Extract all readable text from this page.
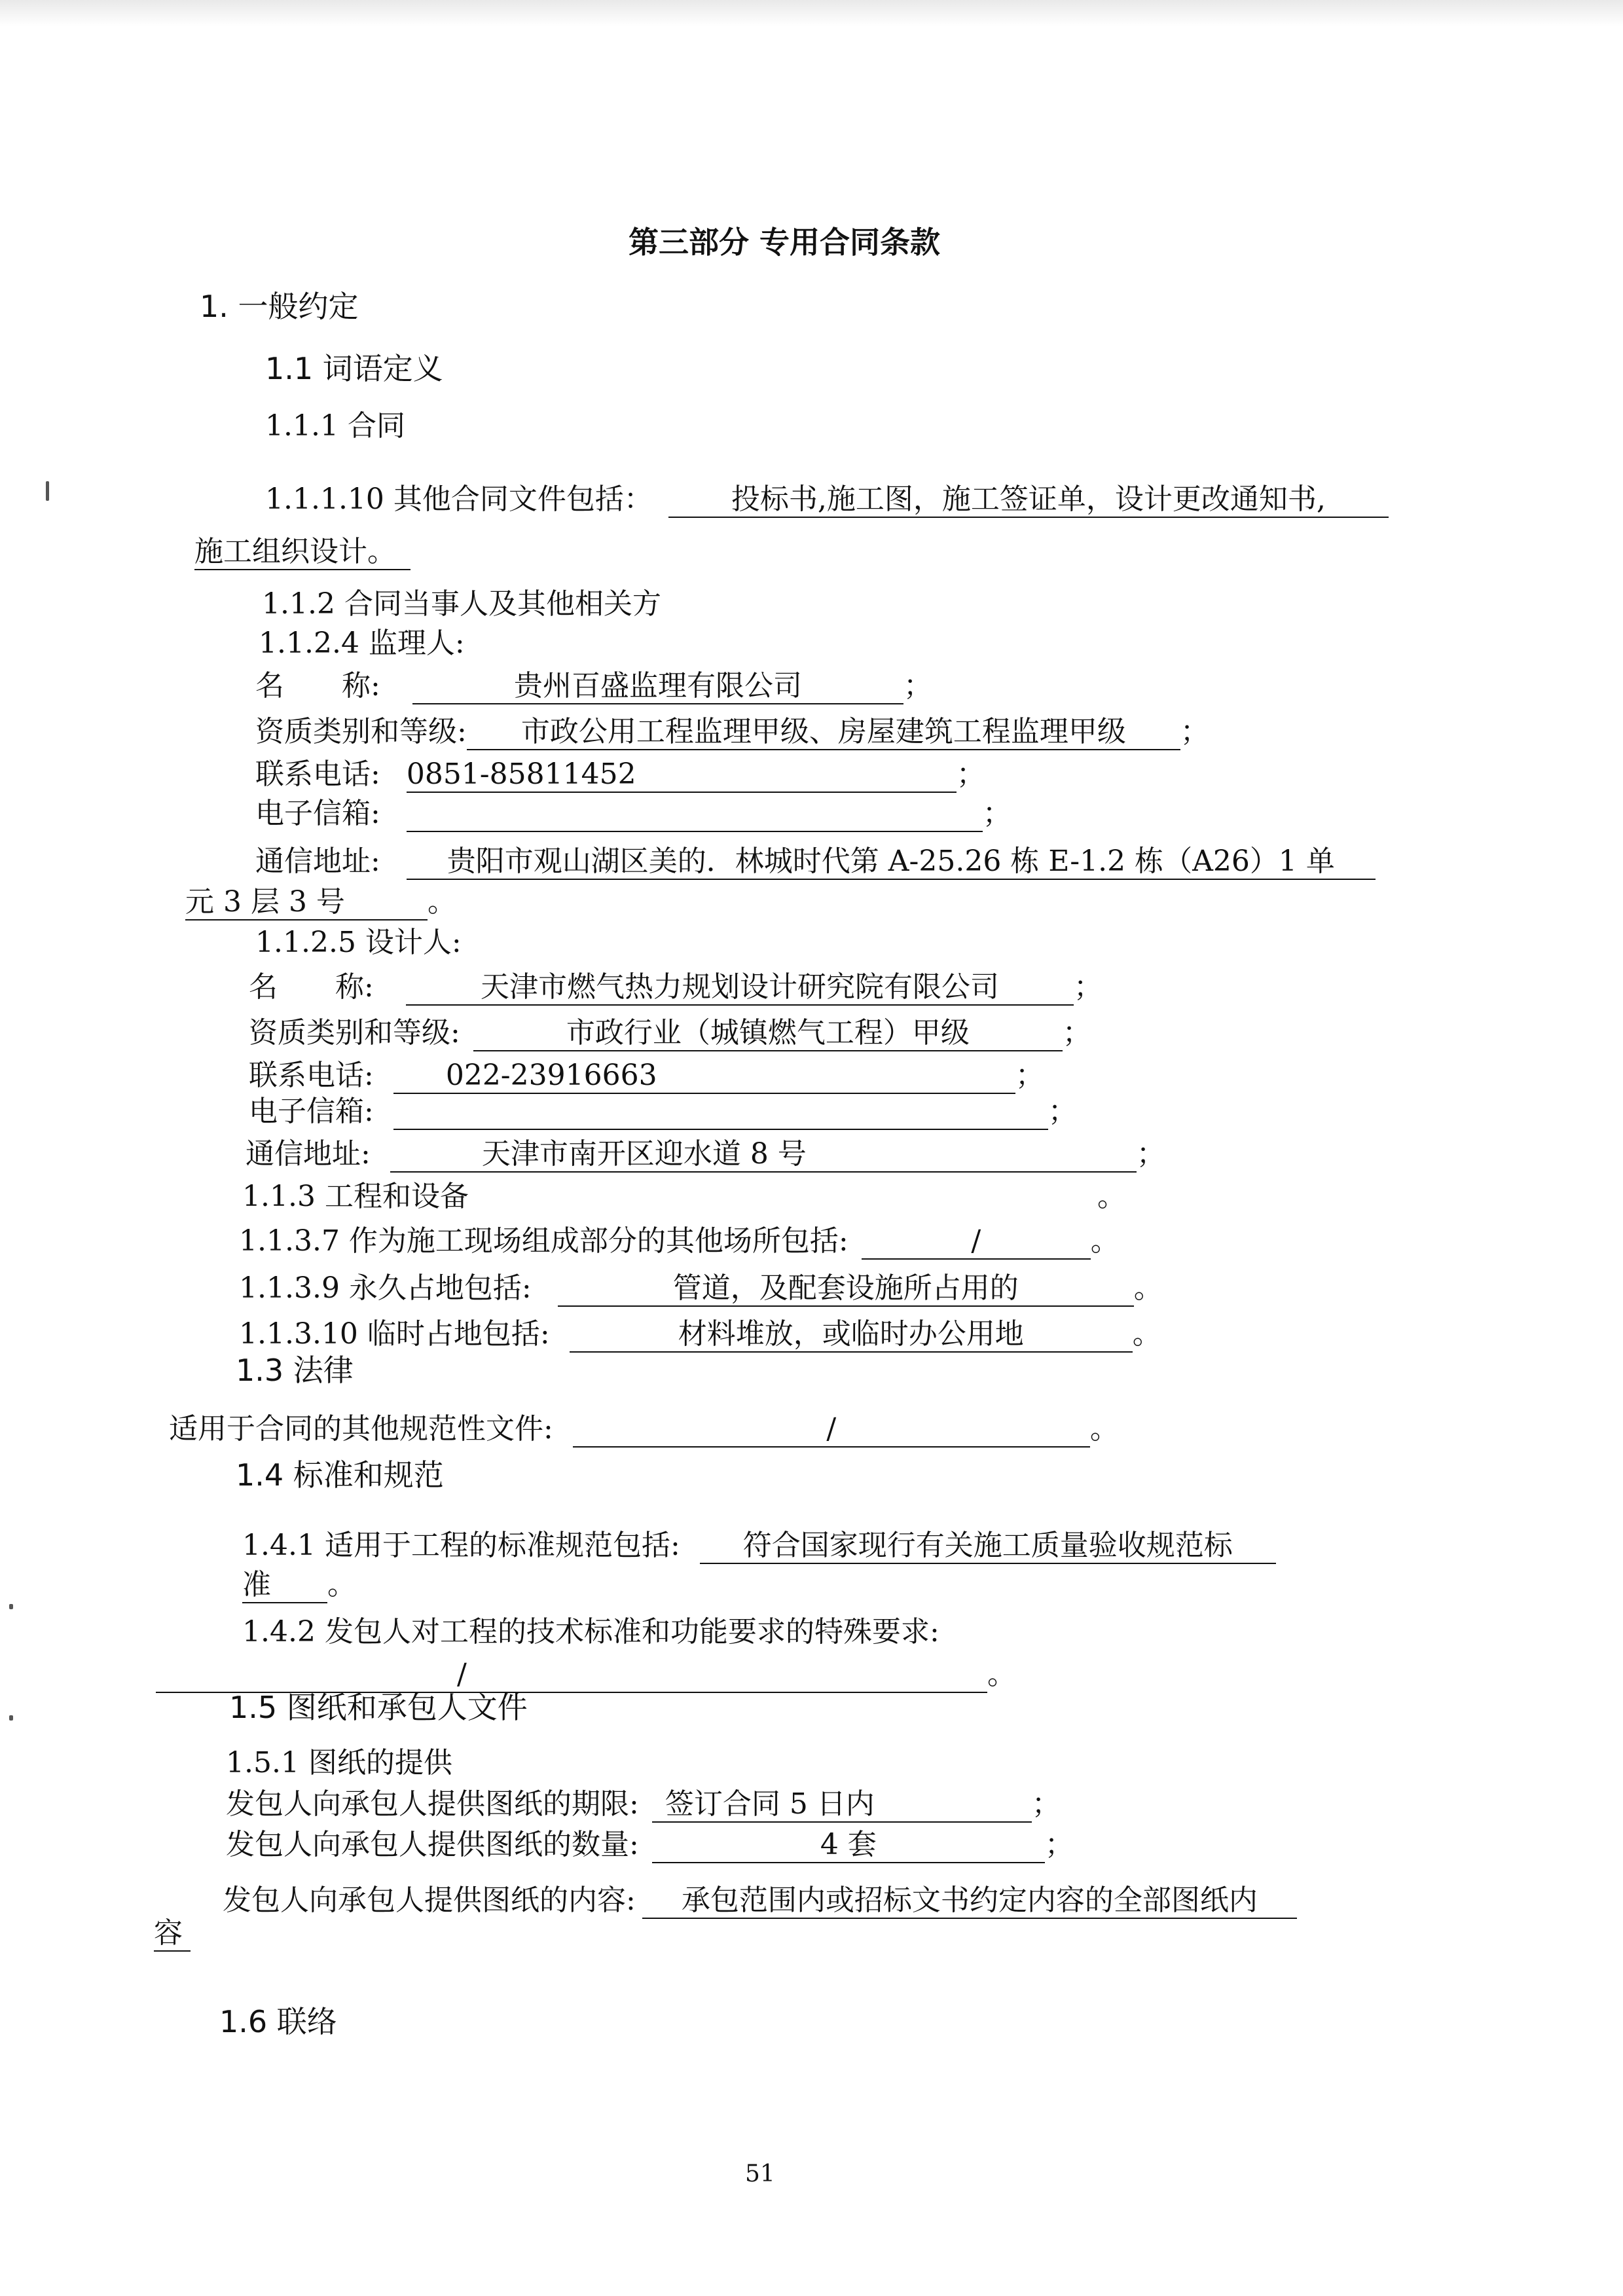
第三部分 专用合同条款
1. 一般约定
1.1 词语定义
1.1.1 合同
1.1.1.10 其他合同文件包括：	投标书,施工图，施工签证单，设计更改通知书,
施工组织设计。
1.1.2 合同当事人及其他相关方
1.1.2.4 监理人:
名　　称:	贵州百盛监理有限公司	；
资质类别和等级: 市政公用工程监理甲级、房屋建筑工程监理甲级 ；
联系电话: 0851-85811452	；
电子信箱:	；
通信地址: 贵阳市观山湖区美的．林城时代第 A-25.26 栋 E-1.2 栋（A26）1 单
元 3 层 3 号	。
1.1.2.5 设计人:
名　　称:	天津市燃气热力规划设计研究院有限公司	；
资质类别和等级:	市政行业（城镇燃气工程）甲级	；
联系电话:	022-23916663	；
电子信箱:	；
通信地址:	天津市南开区迎水道 8 号	；
1.1.3 工程和设备	。
1.1.3.7 作为施工现场组成部分的其他场所包括:	/	。
1.1.3.9 永久占地包括:	管道，及配套设施所占用的	。
1.1.3.10 临时占地包括:	材料堆放，或临时办公用地	。
1.3 法律
适用于合同的其他规范性文件:	/	。
1.4 标准和规范
1.4.1 适用于工程的标准规范包括: 符合国家现行有关施工质量验收规范标
准 。
1.4.2 发包人对工程的技术标准和功能要求的特殊要求:
/	。
1.5 图纸和承包人文件
1.5.1 图纸的提供
发包人向承包人提供图纸的期限: 签订合同 5 日内	；
发包人向承包人提供图纸的数量:	4 套	；
发包人向承包人提供图纸的内容: 承包范围内或招标文书约定内容的全部图纸内
容
1.6 联络
51
